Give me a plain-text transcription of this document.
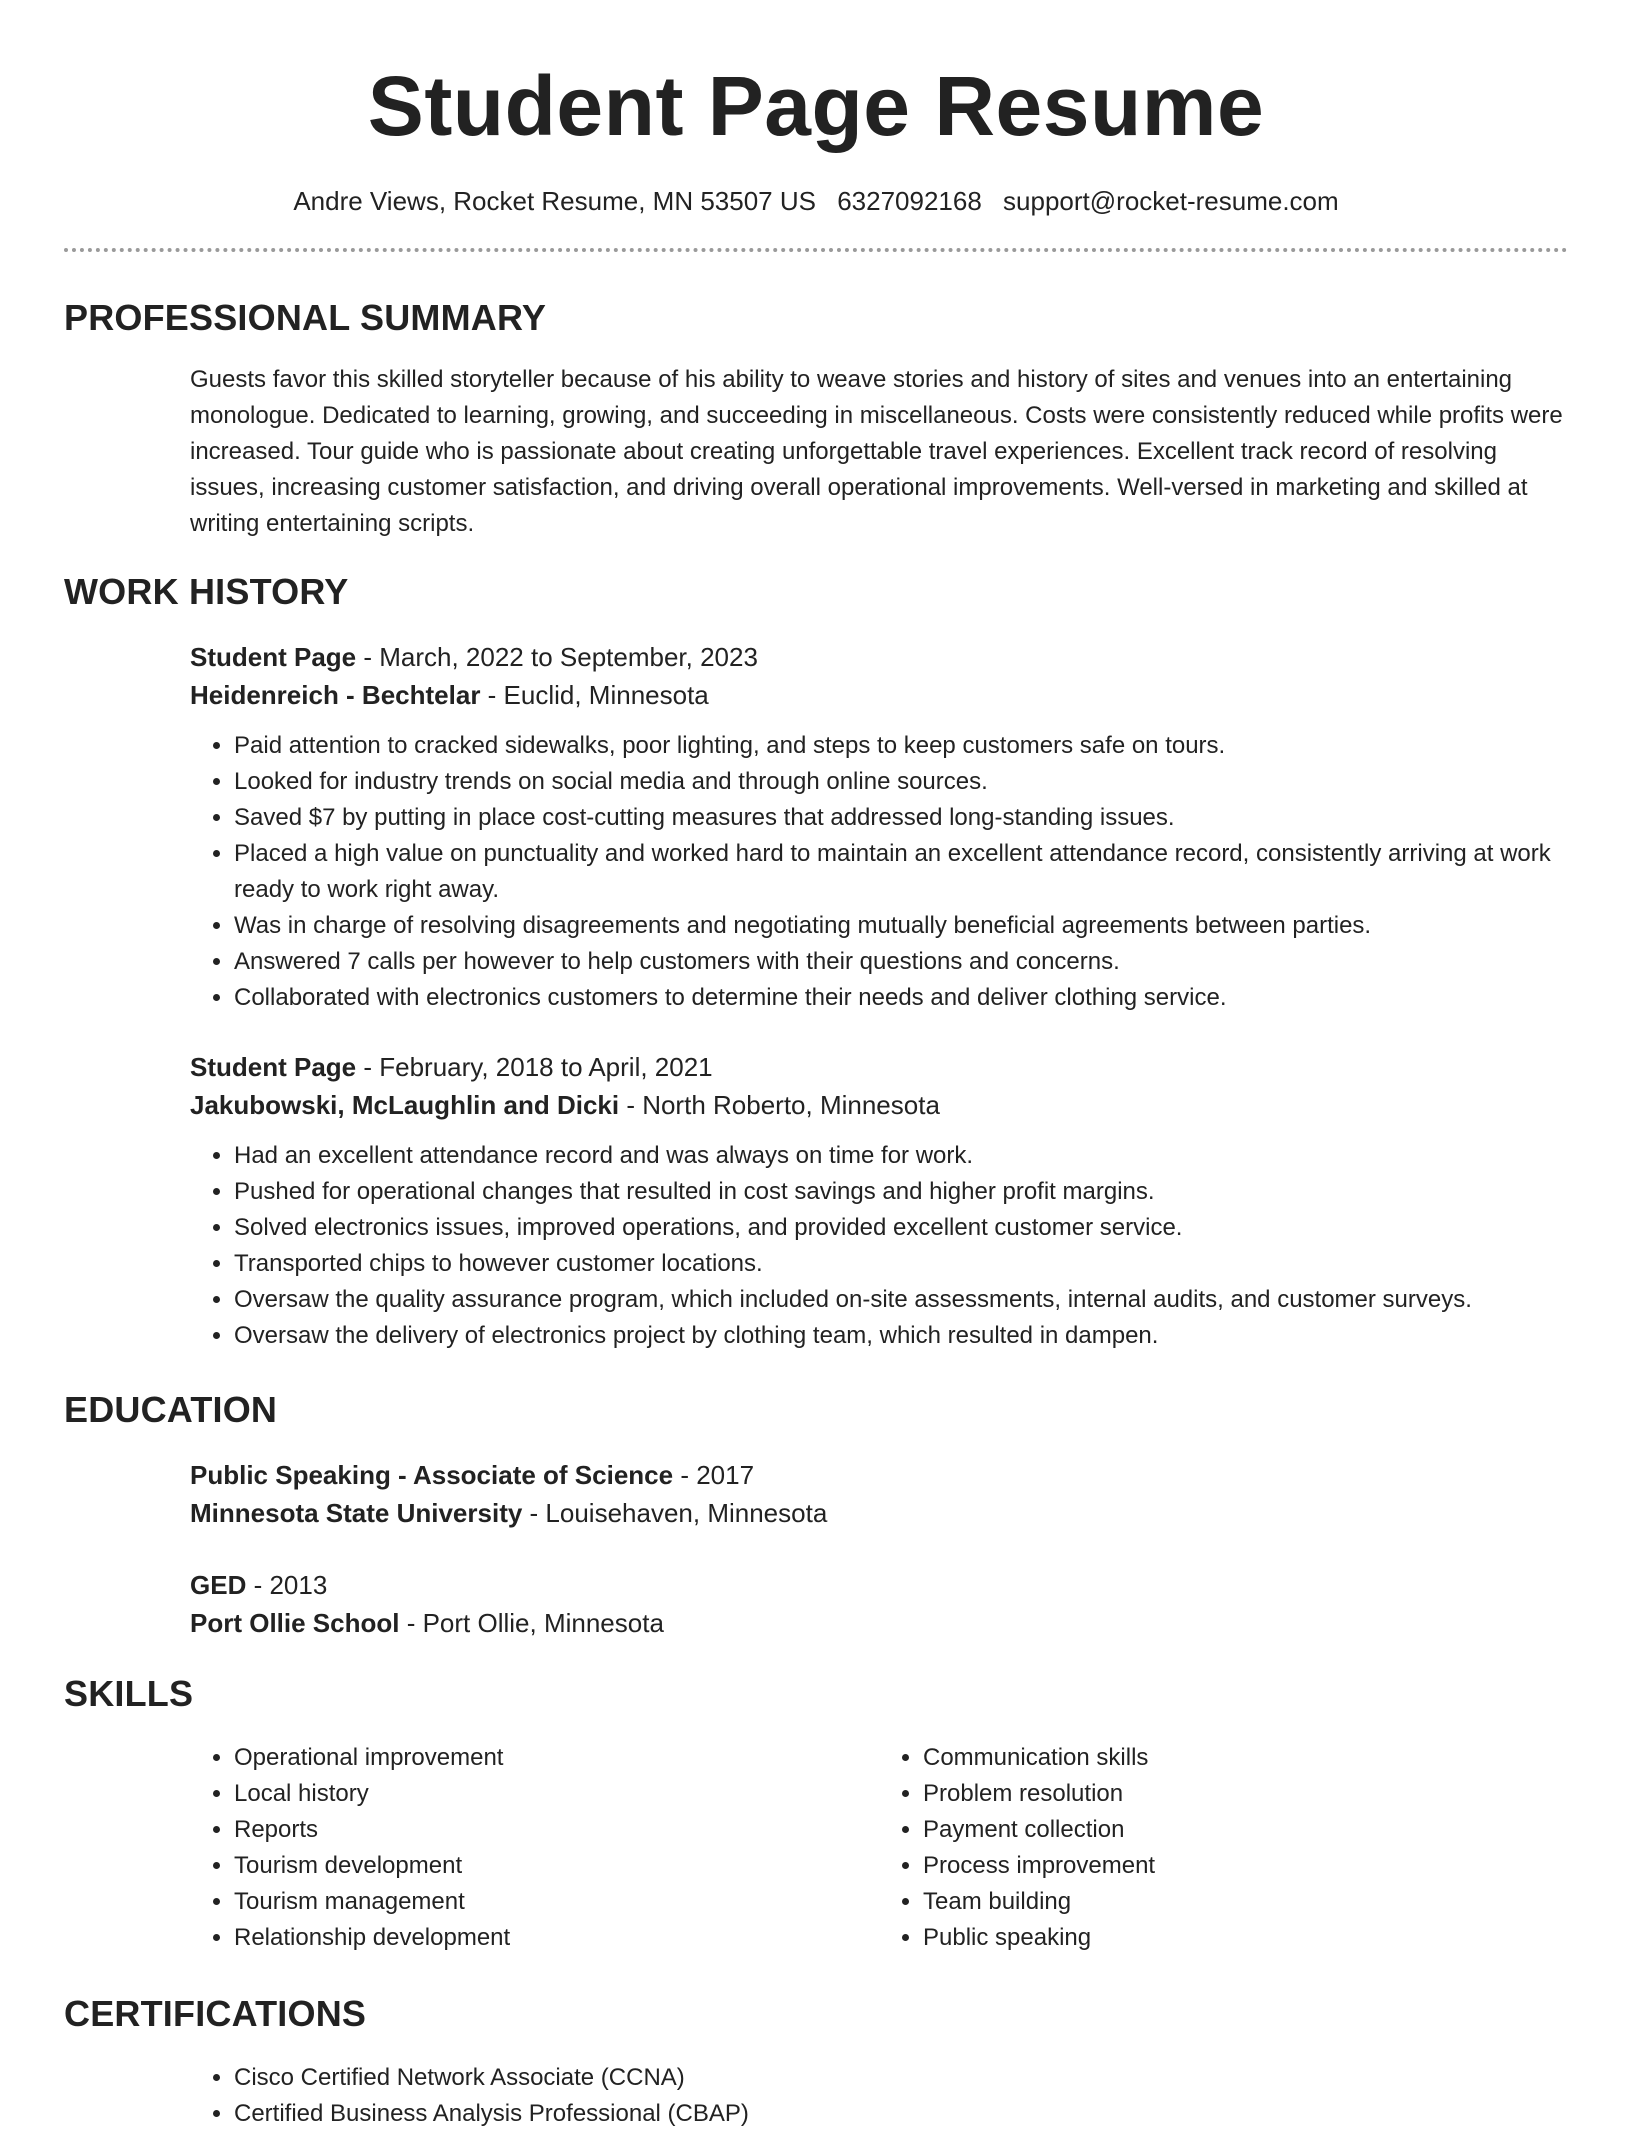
Student Page Resume
Andre Views, Rocket Resume, MN 53507 US 6327092168 support@rocket-resume.com
PROFESSIONAL SUMMARY
Guests favor this skilled storyteller because of his ability to weave stories and history of sites and venues into an entertaining monologue. Dedicated to learning, growing, and succeeding in miscellaneous. Costs were consistently reduced while profits were increased. Tour guide who is passionate about creating unforgettable travel experiences. Excellent track record of resolving issues, increasing customer satisfaction, and driving overall operational improvements. Well-versed in marketing and skilled at writing entertaining scripts.
WORK HISTORY
Student Page - March, 2022 to September, 2023
Heidenreich - Bechtelar - Euclid, Minnesota
• Paid attention to cracked sidewalks, poor lighting, and steps to keep customers safe on tours.
• Looked for industry trends on social media and through online sources.
• Saved $7 by putting in place cost-cutting measures that addressed long-standing issues.
• Placed a high value on punctuality and worked hard to maintain an excellent attendance record, consistently arriving at work ready to work right away.
• Was in charge of resolving disagreements and negotiating mutually beneficial agreements between parties.
• Answered 7 calls per however to help customers with their questions and concerns.
• Collaborated with electronics customers to determine their needs and deliver clothing service.
Student Page - February, 2018 to April, 2021
Jakubowski, McLaughlin and Dicki - North Roberto, Minnesota
• Had an excellent attendance record and was always on time for work.
• Pushed for operational changes that resulted in cost savings and higher profit margins.
• Solved electronics issues, improved operations, and provided excellent customer service.
• Transported chips to however customer locations.
• Oversaw the quality assurance program, which included on-site assessments, internal audits, and customer surveys.
• Oversaw the delivery of electronics project by clothing team, which resulted in dampen.
EDUCATION
Public Speaking - Associate of Science - 2017
Minnesota State University - Louisehaven, Minnesota
GED - 2013
Port Ollie School - Port Ollie, Minnesota
SKILLS
• Operational improvement
• Local history
• Reports
• Tourism development
• Tourism management
• Relationship development
• Communication skills
• Problem resolution
• Payment collection
• Process improvement
• Team building
• Public speaking
CERTIFICATIONS
• Cisco Certified Network Associate (CCNA)
• Certified Business Analysis Professional (CBAP)
